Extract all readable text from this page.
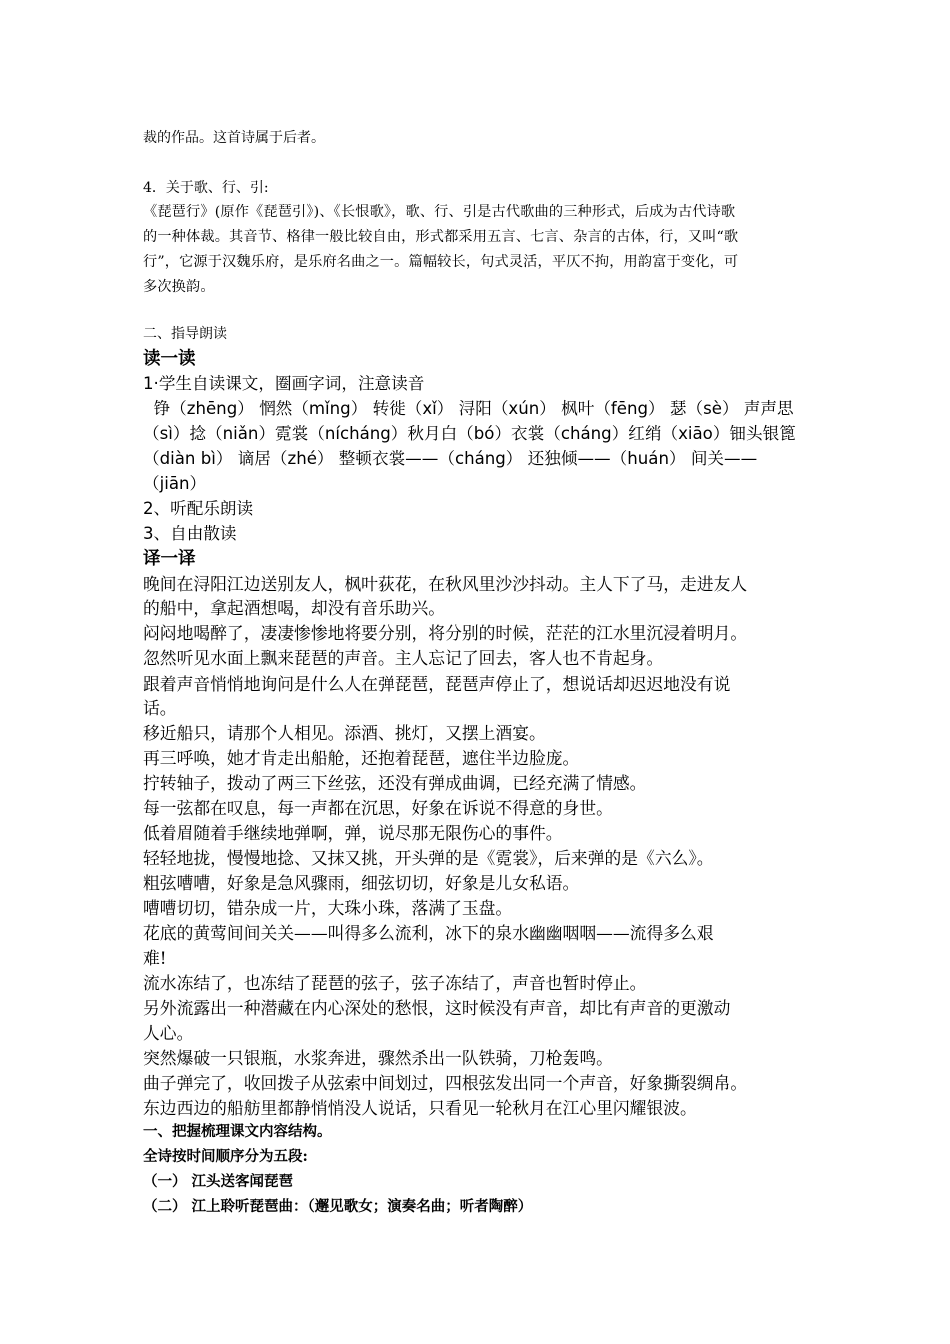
裁的作品。这首诗属于后者。
4．关于歌、行、引:
《琵琶行》(原作《琵琶引》)、《长恨歌》，歌、行、引是古代歌曲的三种形式，后成为古代诗歌
的一种体裁。其音节、格律一般比较自由，形式都采用五言、七言、杂言的古体，行，又叫“歌
行”，它源于汉魏乐府，是乐府名曲之一。篇幅较长，句式灵活，平仄不拘，用韵富于变化，可
多次换韵。
二、指导朗读
读一读
1·学生自读课文，圈画字词，注意读音
铮（zhēng） 惘然（mǐng） 转徙（xǐ） 浔阳（xún） 枫叶（fēng） 瑟（sè） 声声思
（sì）捻（niǎn）霓裳（nícháng）秋月白（bó）衣裳（cháng）红绡（xiāo）钿头银篦
（diàn bì） 谪居（zhé） 整顿衣裳——（cháng） 还独倾——（huán） 间关——
（jiān）
2、听配乐朗读
3、自由散读
译一译
晚间在浔阳江边送别友人，枫叶荻花，在秋风里沙沙抖动。主人下了马，走进友人
的船中，拿起酒想喝，却没有音乐助兴。
闷闷地喝醉了，凄凄惨惨地将要分别，将分别的时候，茫茫的江水里沉浸着明月。
忽然听见水面上飘来琵琶的声音。主人忘记了回去，客人也不肯起身。
跟着声音悄悄地询问是什么人在弹琵琶，琵琶声停止了，想说话却迟迟地没有说
话。
移近船只，请那个人相见。添酒、挑灯，又摆上酒宴。
再三呼唤，她才肯走出船舱，还抱着琵琶，遮住半边脸庞。
拧转轴子，拨动了两三下丝弦，还没有弹成曲调，已经充满了情感。
每一弦都在叹息，每一声都在沉思，好象在诉说不得意的身世。
低着眉随着手继续地弹啊，弹，说尽那无限伤心的事件。
轻轻地拢，慢慢地捻、又抹又挑，开头弹的是《霓裳》，后来弹的是《六么》。
粗弦嘈嘈，好象是急风骤雨，细弦切切，好象是儿女私语。
嘈嘈切切，错杂成一片，大珠小珠，落满了玉盘。
花底的黄莺间间关关——叫得多么流利，冰下的泉水幽幽咽咽——流得多么艰
难!
流水冻结了，也冻结了琵琶的弦子，弦子冻结了，声音也暂时停止。
另外流露出一种潜藏在内心深处的愁恨，这时候没有声音，却比有声音的更激动
人心。
突然爆破一只银瓶，水浆奔进，骤然杀出一队铁骑，刀枪轰鸣。
曲子弹完了，收回拨子从弦索中间划过，四根弦发出同一个声音，好象撕裂绸帛。
东边西边的船舫里都静悄悄没人说话，只看见一轮秋月在江心里闪耀银波。
一、把握梳理课文内容结构。
全诗按时间顺序分为五段:
（一） 江头送客闻琵琶
（二） 江上聆听琵琶曲：（邂见歌女；演奏名曲；听者陶醉）
